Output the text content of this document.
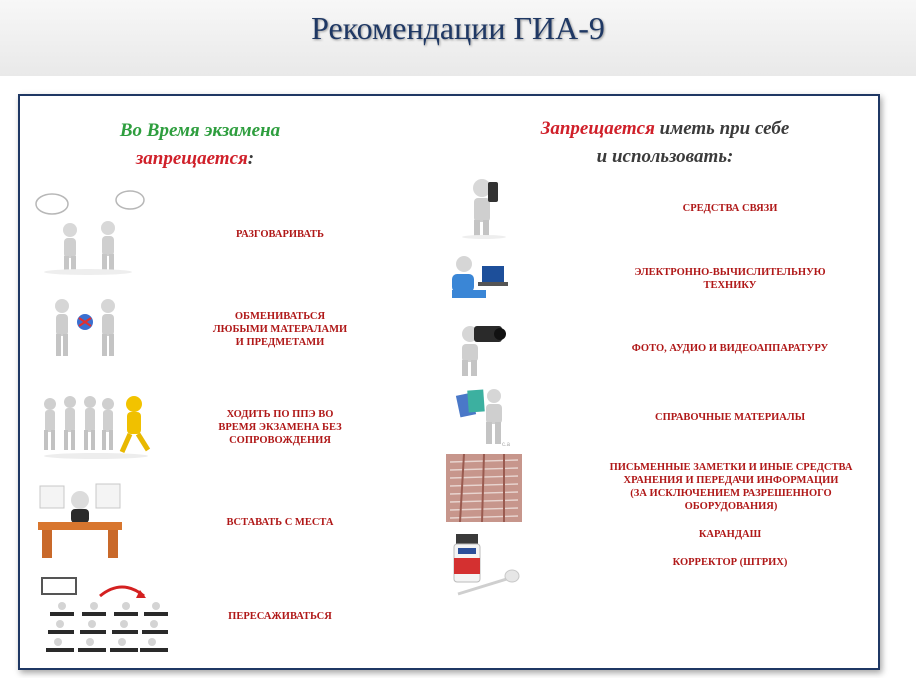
Рекомендации ГИА-9
Во Время экзамена
запрещается:
Запрещается иметь при себе
и использовать:
c.a
РАЗГОВАРИВАТЬ
ОБМЕНИВАТЬСЯ
ЛЮБЫМИ МАТЕРАЛАМИ
И ПРЕДМЕТАМИ
ХОДИТЬ ПО ППЭ ВО
ВРЕМЯ ЭКЗАМЕНА БЕЗ
СОПРОВОЖДЕНИЯ
ВСТАВАТЬ С МЕСТА
ПЕРЕСАЖИВАТЬСЯ
СРЕДСТВА СВЯЗИ
ЭЛЕКТРОННО-ВЫЧИСЛИТЕЛЬНУЮ
ТЕХНИКУ
ФОТО, АУДИО И ВИДЕОАППАРАТУРУ
СПРАВОЧНЫЕ МАТЕРИАЛЫ
ПИСЬМЕННЫЕ ЗАМЕТКИ И ИНЫЕ СРЕДСТВА
ХРАНЕНИЯ И ПЕРЕДАЧИ ИНФОРМАЦИИ
(ЗА ИСКЛЮЧЕНИЕМ РАЗРЕШЕННОГО
ОБОРУДОВАНИЯ)
КАРАНДАШ
КОРРЕКТОР (ШТРИХ)
